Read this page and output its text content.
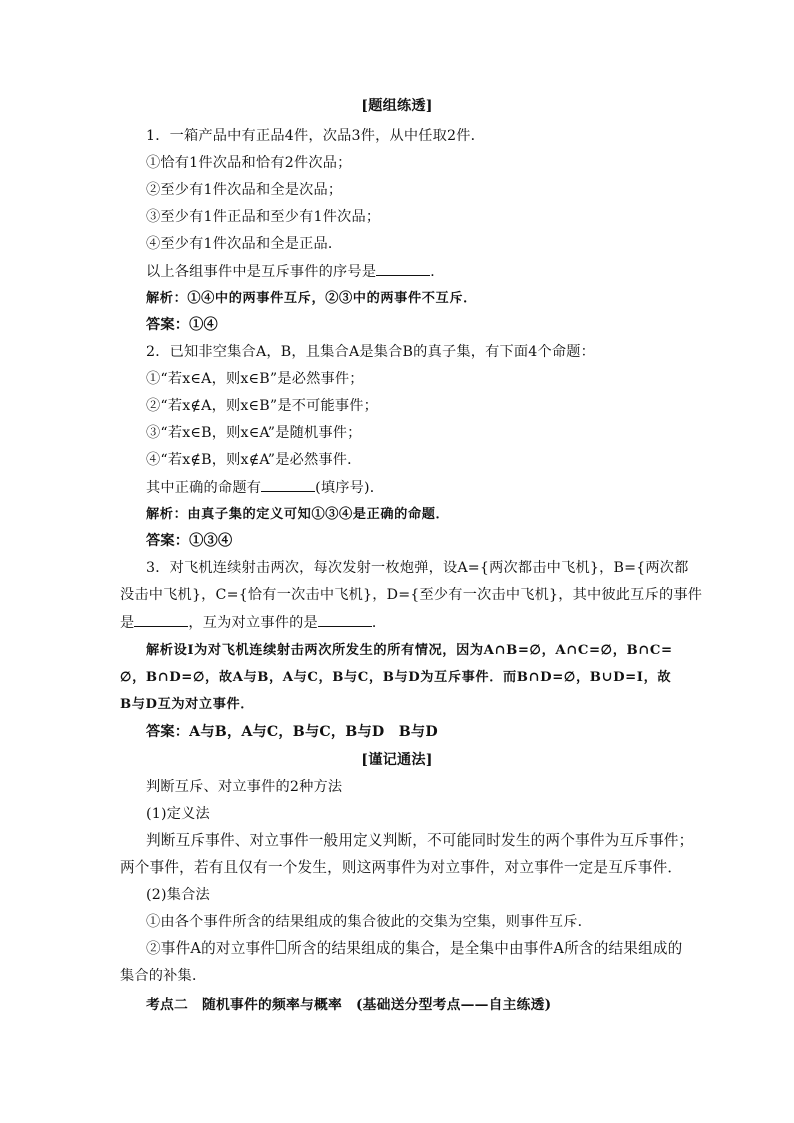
[题组练透]
1．一箱产品中有正品4件，次品3件，从中任取2件．
①恰有1件次品和恰有2件次品；
②至少有1件次品和全是次品；
③至少有1件正品和至少有1件次品；
④至少有1件次品和全是正品．
以上各组事件中是互斥事件的序号是	．
解析：①④中的两事件互斥，②③中的两事件不互斥．
答案：①④
2．已知非空集合A，B，且集合A是集合B的真子集，有下面4个命题：
①“若x∈A，则x∈B”是必然事件；
②“若x∉A，则x∈B”是不可能事件；
③“若x∈B，则x∈A”是随机事件；
④“若x∉B，则x∉A”是必然事件．
其中正确的命题有	(填序号)．
解析：由真子集的定义可知①③④是正确的命题．
答案：①③④
3．对飞机连续射击两次，每次发射一枚炮弹，设A={两次都击中飞机}，B={两次都
没击中飞机}，C={恰有一次击中飞机}，D={至少有一次击中飞机}，其中彼此互斥的事件
是	，互为对立事件的是	．
解析设I为对飞机连续射击两次所发生的所有情况，因为A∩B=∅，A∩C=∅，B∩C=
∅，B∩D=∅，故A与B，A与C，B与C，B与D为互斥事件．而B∩D=∅，B∪D=I，故
B与D互为对立事件．
答案：A与B，A与C，B与C，B与D　B与D
[谨记通法]
判断互斥、对立事件的2种方法
(1)定义法
判断互斥事件、对立事件一般用定义判断，不可能同时发生的两个事件为互斥事件；
两个事件，若有且仅有一个发生，则这两事件为对立事件，对立事件一定是互斥事件．
(2)集合法
①由各个事件所含的结果组成的集合彼此的交集为空集，则事件互斥．
②事件A的对立事件 所含的结果组成的集合，是全集中由事件A所含的结果组成的
集合的补集．
考点二　随机事件的频率与概率　(基础送分型考点——自主练透)
